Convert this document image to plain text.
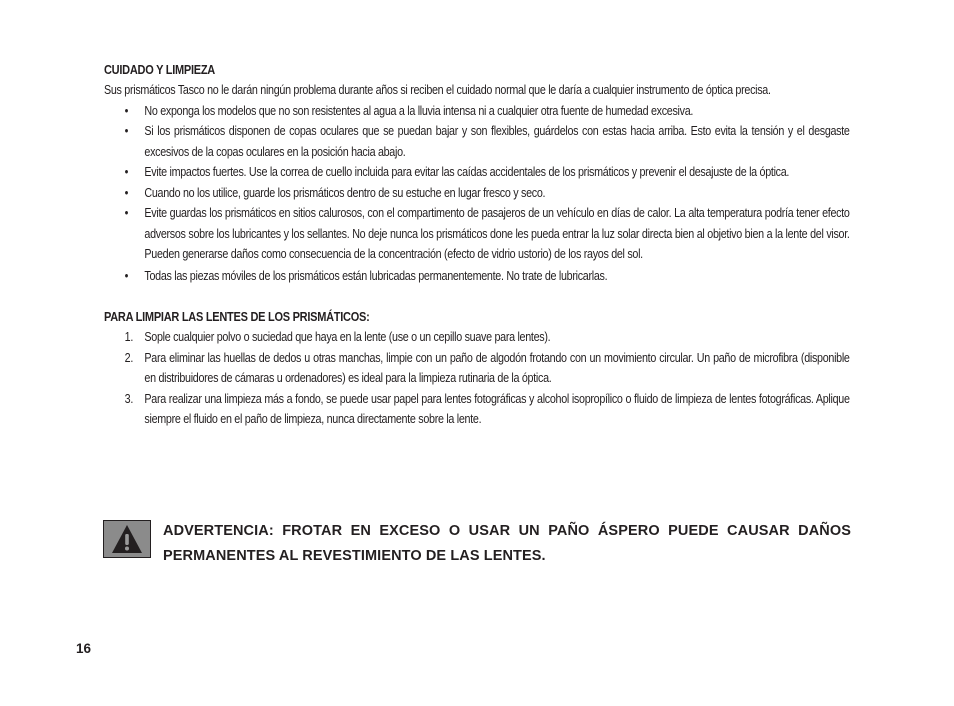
CUIDADO Y LIMPIEZA

Sus prismáticos Tasco no le darán ningún problema durante años si reciben el cuidado normal que le daría a cualquier instrumento de óptica precisa.

• No exponga los modelos que no son resistentes al agua a la lluvia intensa ni a cualquier otra fuente de humedad excesiva.
• Si los prismáticos disponen de copas oculares que se puedan bajar y son flexibles, guárdelos con estas hacia arriba. Esto evita la tensión y el desgaste excesivos de la copas oculares en la posición hacia abajo.
• Evite impactos fuertes. Use la correa de cuello incluida para evitar las caídas accidentales de los prismáticos y prevenir el desajuste de la óptica.
• Cuando no los utilice, guarde los prismáticos dentro de su estuche en lugar fresco y seco.
• Evite guardas los prismáticos en sitios calurosos, con el compartimento de pasajeros de un vehículo en días de calor. La alta temperatura podría tener efecto adversos sobre los lubricantes y los sellantes. No deje nunca los prismáticos done les pueda entrar la luz solar directa bien al objetivo bien a la lente del visor. Pueden generarse daños como consecuencia de la concentración (efecto de vidrio ustorio) de los rayos del sol.
• Todas las piezas móviles de los prismáticos están lubricadas permanentemente. No trate de lubricarlas.
PARA LIMPIAR LAS LENTES DE LOS PRISMÁTICOS:
1. Sople cualquier polvo o suciedad que haya en la lente (use o un cepillo suave para lentes).
2. Para eliminar las huellas de dedos u otras manchas, limpie con un paño de algodón frotando con un movimiento circular. Un paño de microfibra (disponible en distribuidores de cámaras u ordenadores) es ideal para la limpieza rutinaria de la óptica.
3. Para realizar una limpieza más a fondo, se puede usar papel para lentes fotográficas y alcohol isopropílico o fluido de limpieza de lentes fotográficas. Aplique siempre el fluido en el paño de limpieza, nunca directamente sobre la lente.

ADVERTENCIA: FROTAR EN EXCESO O USAR UN PAÑO ÁSPERO PUEDE CAUSAR DAÑOS PERMANENTES AL REVESTIMIENTO DE LAS LENTES.

16
